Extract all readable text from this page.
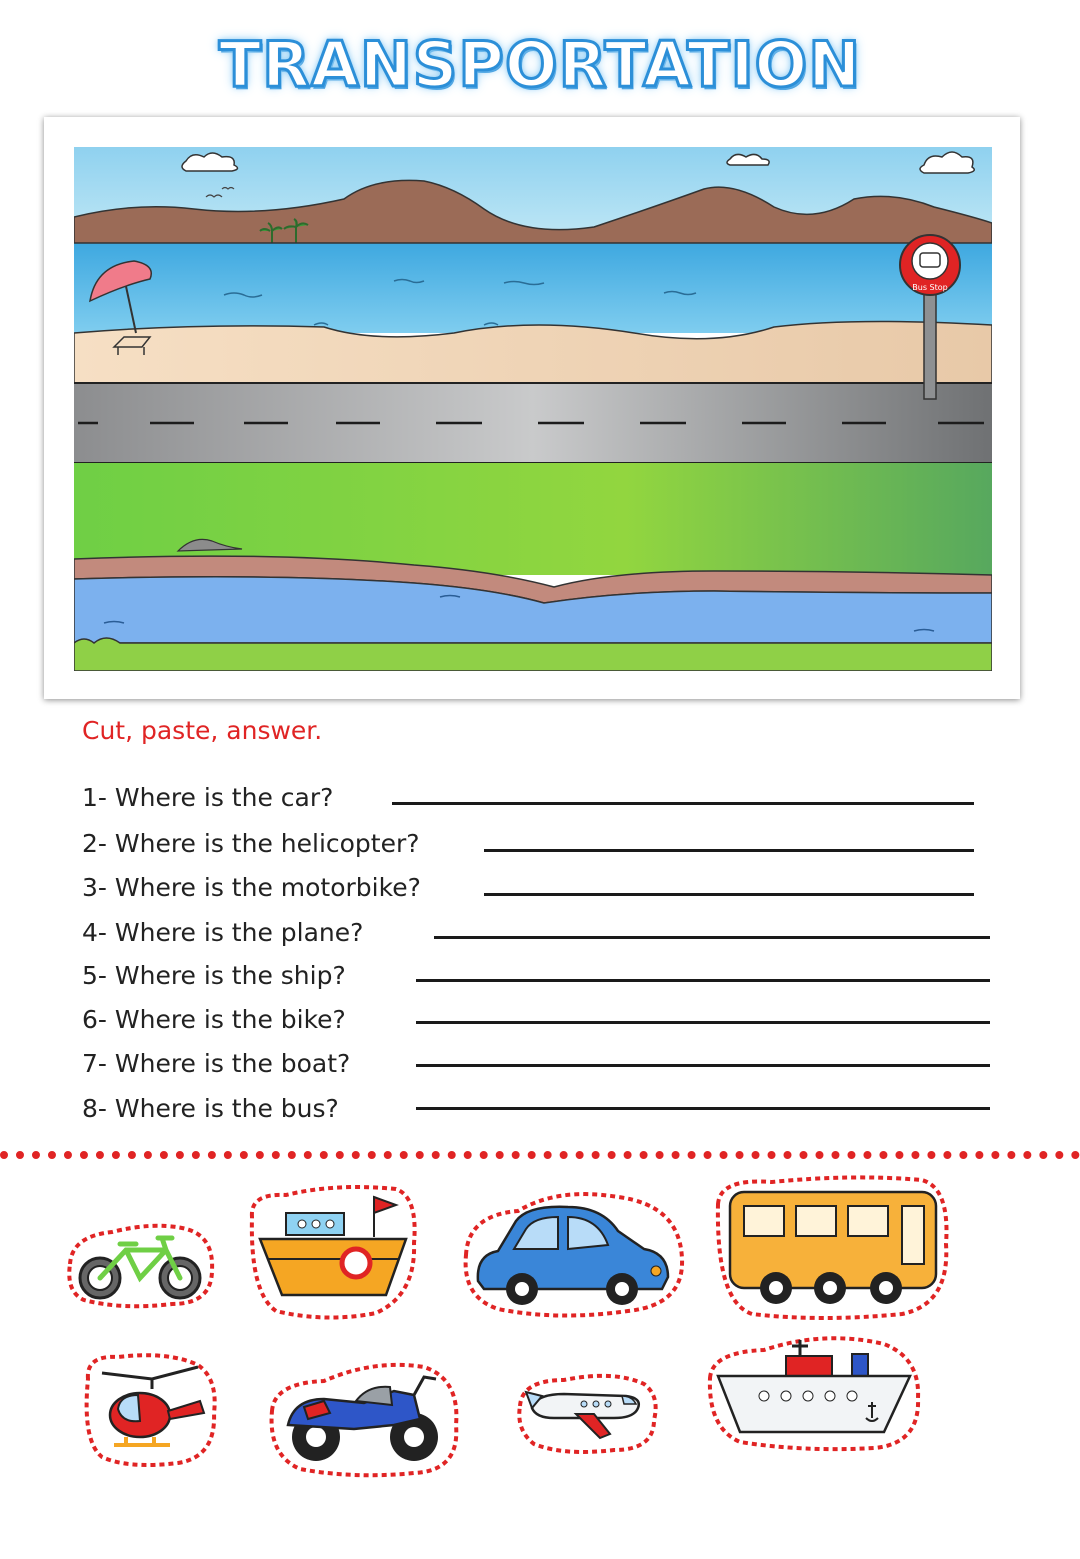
TRANSPORTATION
Bus Stop
Cut, paste, answer.
1- Where is the car?
2- Where is the helicopter?
3- Where is the motorbike?
4- Where is the plane?
5- Where is the ship?
6- Where is the bike?
7- Where is the boat?
8- Where is the bus?
